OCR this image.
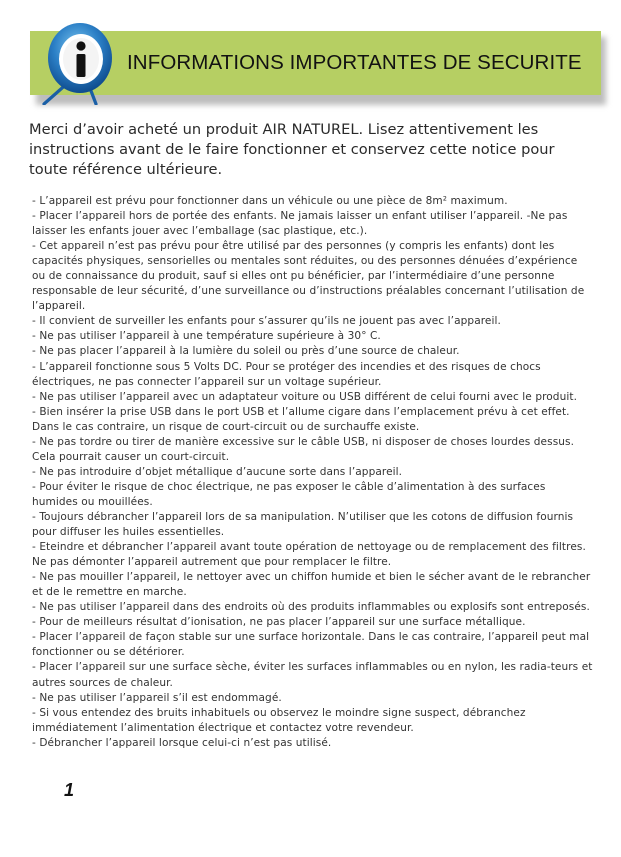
INFORMATIONS IMPORTANTES DE SECURITE

Merci d’avoir acheté un produit AIR NATUREL. Lisez attentivement les instructions avant de le faire fonctionner et conservez cette notice pour toute référence ultérieure.

- L’appareil est prévu pour fonctionner dans un véhicule ou une pièce de 8m² maximum.
- Placer l’appareil hors de portée des enfants. Ne jamais laisser un enfant utiliser l’appareil. -Ne pas laisser les enfants jouer avec l’emballage (sac plastique, etc.).
- Cet appareil n’est pas prévu pour être utilisé par des personnes (y compris les enfants) dont les capacités physiques, sensorielles ou mentales sont réduites, ou des personnes dénuées d’expérience ou de connaissance du produit, sauf si elles ont pu bénéficier, par l’intermédiaire d’une personne responsable de leur sécurité, d’une surveillance ou d’instructions préalables concernant l’utilisation de l’appareil.
- Il convient de surveiller les enfants pour s’assurer qu’ils ne jouent pas avec l’appareil.
- Ne pas utiliser l’appareil à une température supérieure à 30° C.
- Ne pas placer l’appareil à la lumière du soleil ou près d’une source de chaleur.
- L’appareil fonctionne sous 5 Volts DC. Pour se protéger des incendies et des risques de chocs électriques, ne pas connecter l’appareil sur un voltage supérieur.
- Ne pas utiliser l’appareil avec un adaptateur voiture ou USB différent de celui fourni avec le produit.
- Bien insérer la prise USB dans le port USB et l’allume cigare dans l’emplacement prévu à cet effet. Dans le cas contraire, un risque de court-circuit ou de surchauffe existe.
- Ne pas tordre ou tirer de manière excessive sur le câble USB, ni disposer de choses lourdes dessus. Cela pourrait causer un court-circuit.
- Ne pas introduire d’objet métallique d’aucune sorte dans l’appareil.
- Pour éviter le risque de choc électrique, ne pas exposer le câble d’alimentation à des surfaces humides ou mouillées.
- Toujours débrancher l’appareil lors de sa manipulation. N’utiliser que les cotons de diffusion fournis pour diffuser les huiles essentielles.
- Eteindre et débrancher l’appareil avant toute opération de nettoyage ou de remplacement des filtres. Ne pas démonter l’appareil autrement que pour remplacer le filtre.
- Ne pas mouiller l’appareil, le nettoyer avec un chiffon humide et bien le sécher avant de le rebrancher et de le remettre en marche.
- Ne pas utiliser l’appareil dans des endroits où des produits inflammables ou explosifs sont entreposés.
- Pour de meilleurs résultat d’ionisation, ne pas placer l’appareil sur une surface métallique.
- Placer l’appareil de façon stable sur une surface horizontale. Dans le cas contraire, l’appareil peut mal fonctionner ou se détériorer.
- Placer l’appareil sur une surface sèche, éviter les surfaces inflammables ou en nylon, les radia-teurs et autres sources de chaleur.
- Ne pas utiliser l’appareil s’il est endommagé.
- Si vous entendez des bruits inhabituels ou observez le moindre signe suspect, débranchez immédiatement l’alimentation électrique et contactez votre revendeur.
- Débrancher l’appareil lorsque celui-ci n’est pas utilisé.
1
